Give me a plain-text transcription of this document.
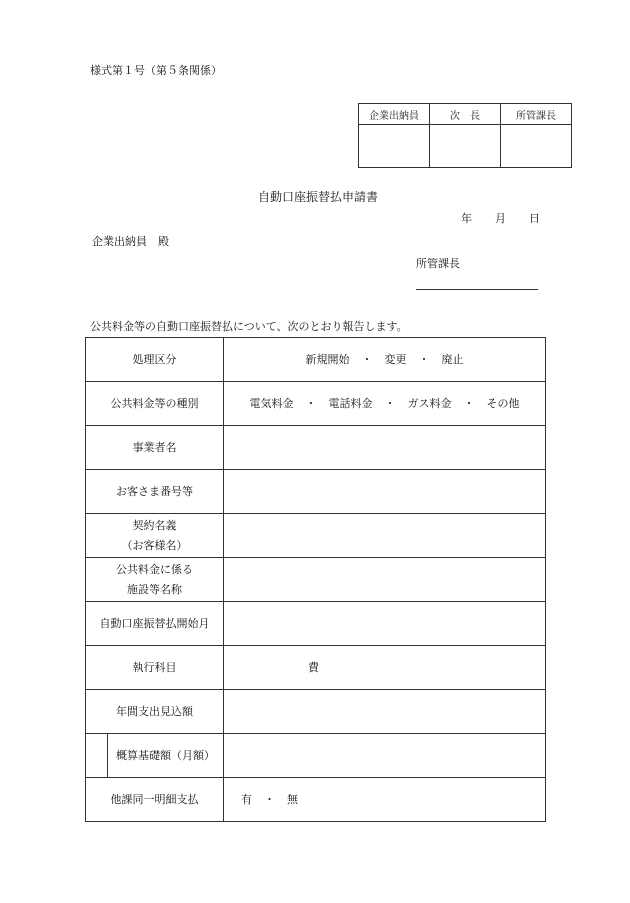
様式第１号（第５条関係）
企業出納員	次　長	所管課長

自動口座振替払申請書
年 月 日
企業出納員　殿
所管課長
公共料金等の自動口座振替払について、次のとおり報告します。
処理区分		新規開始 ・ 変更 ・ 廃止
公共料金等の種別		電気料金 ・ 電話料金 ・ ガス料金 ・ その他
事業者名		
お客さま番号等		

契約名義
（お客様名）		

公共料金に係る
施設等名称		

自動口座振替払開始月		
執行科目		費
年間支出見込額		
	概算基礎額（月額）	
他課同一明細支払		有 ・ 無
